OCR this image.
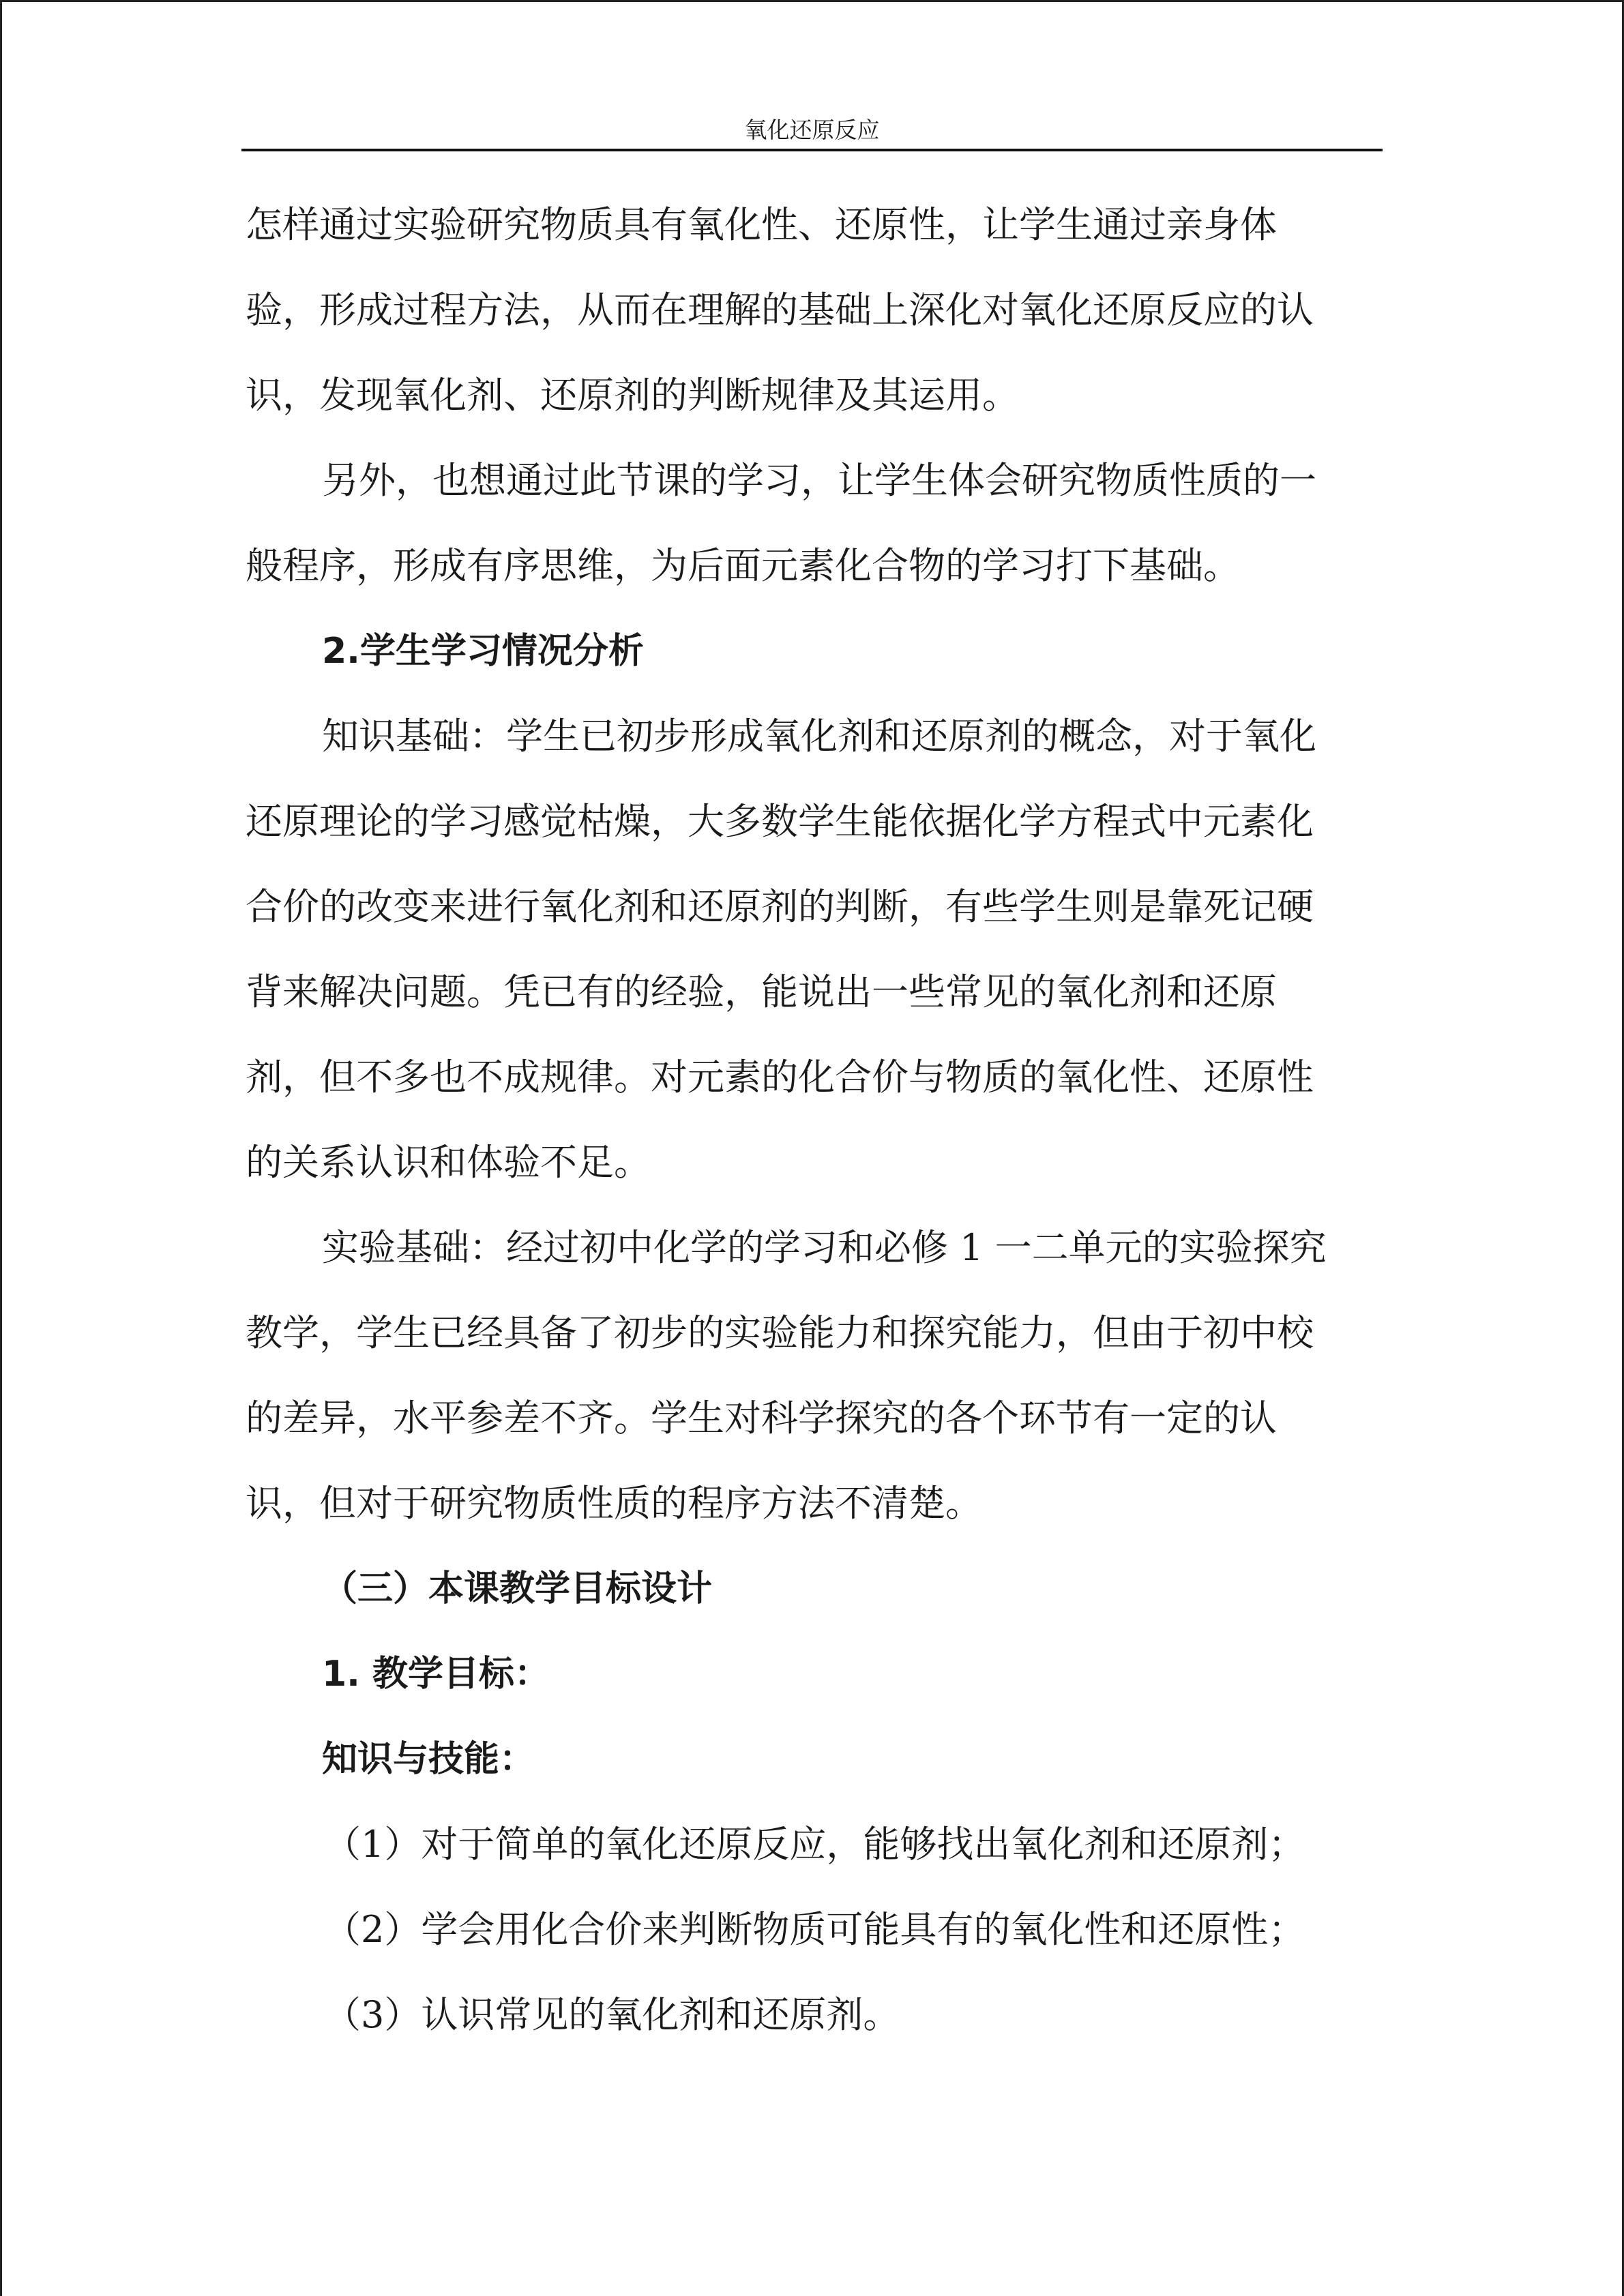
氧化还原反应
怎样通过实验研究物质具有氧化性、还原性，让学生通过亲身体
验，形成过程方法，从而在理解的基础上深化对氧化还原反应的认
识，发现氧化剂、还原剂的判断规律及其运用。
另外，也想通过此节课的学习，让学生体会研究物质性质的一
般程序，形成有序思维，为后面元素化合物的学习打下基础。
2.学生学习情况分析
知识基础：学生已初步形成氧化剂和还原剂的概念，对于氧化
还原理论的学习感觉枯燥，大多数学生能依据化学方程式中元素化
合价的改变来进行氧化剂和还原剂的判断，有些学生则是靠死记硬
背来解决问题。凭已有的经验，能说出一些常见的氧化剂和还原
剂，但不多也不成规律。对元素的化合价与物质的氧化性、还原性
的关系认识和体验不足。
实验基础：经过初中化学的学习和必修 1 一二单元的实验探究
教学，学生已经具备了初步的实验能力和探究能力，但由于初中校
的差异，水平参差不齐。学生对科学探究的各个环节有一定的认
识，但对于研究物质性质的程序方法不清楚。
（三）本课教学目标设计
1. 教学目标：
知识与技能：
（1）对于简单的氧化还原反应，能够找出氧化剂和还原剂；
（2）学会用化合价来判断物质可能具有的氧化性和还原性；
（3）认识常见的氧化剂和还原剂。
